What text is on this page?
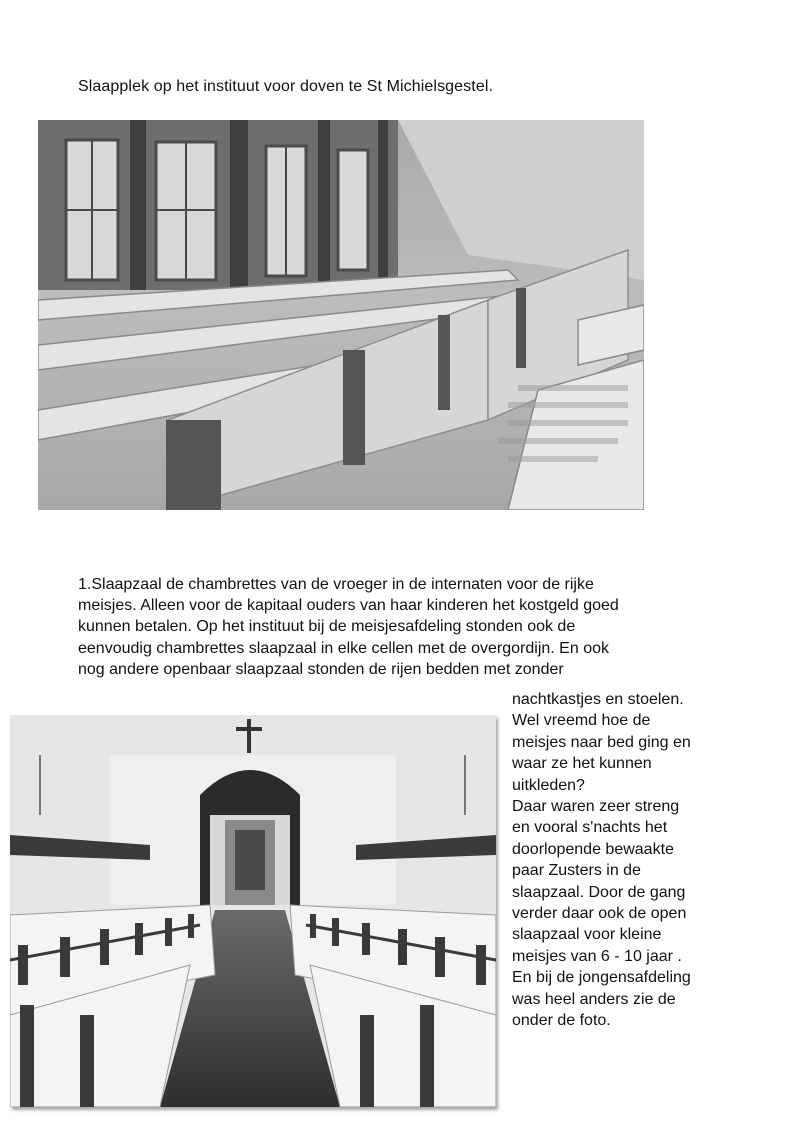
Slaapplek op het instituut voor doven te St Michielsgestel.

1.Slaapzaal de chambrettes van de vroeger in de internaten voor de rijke

meisjes. Alleen voor de kapitaal ouders van haar kinderen het kostgeld goed

kunnen betalen. Op het instituut bij de meisjesafdeling stonden ook de

eenvoudig chambrettes slaapzaal in elke cellen met de overgordijn. En ook

nog andere openbaar slaapzaal stonden de rijen bedden met zonder

nachtkastjes en stoelen.

Wel vreemd hoe de

meisjes naar bed ging en

waar ze het kunnen

uitkleden?

Daar waren zeer streng

en vooral s'nachts het

doorlopende bewaakte

paar Zusters in de

slaapzaal. Door de gang

verder daar ook de open

slaapzaal voor kleine

meisjes van 6 - 10 jaar .

En bij de jongensafdeling

was heel anders zie de

onder de foto.
